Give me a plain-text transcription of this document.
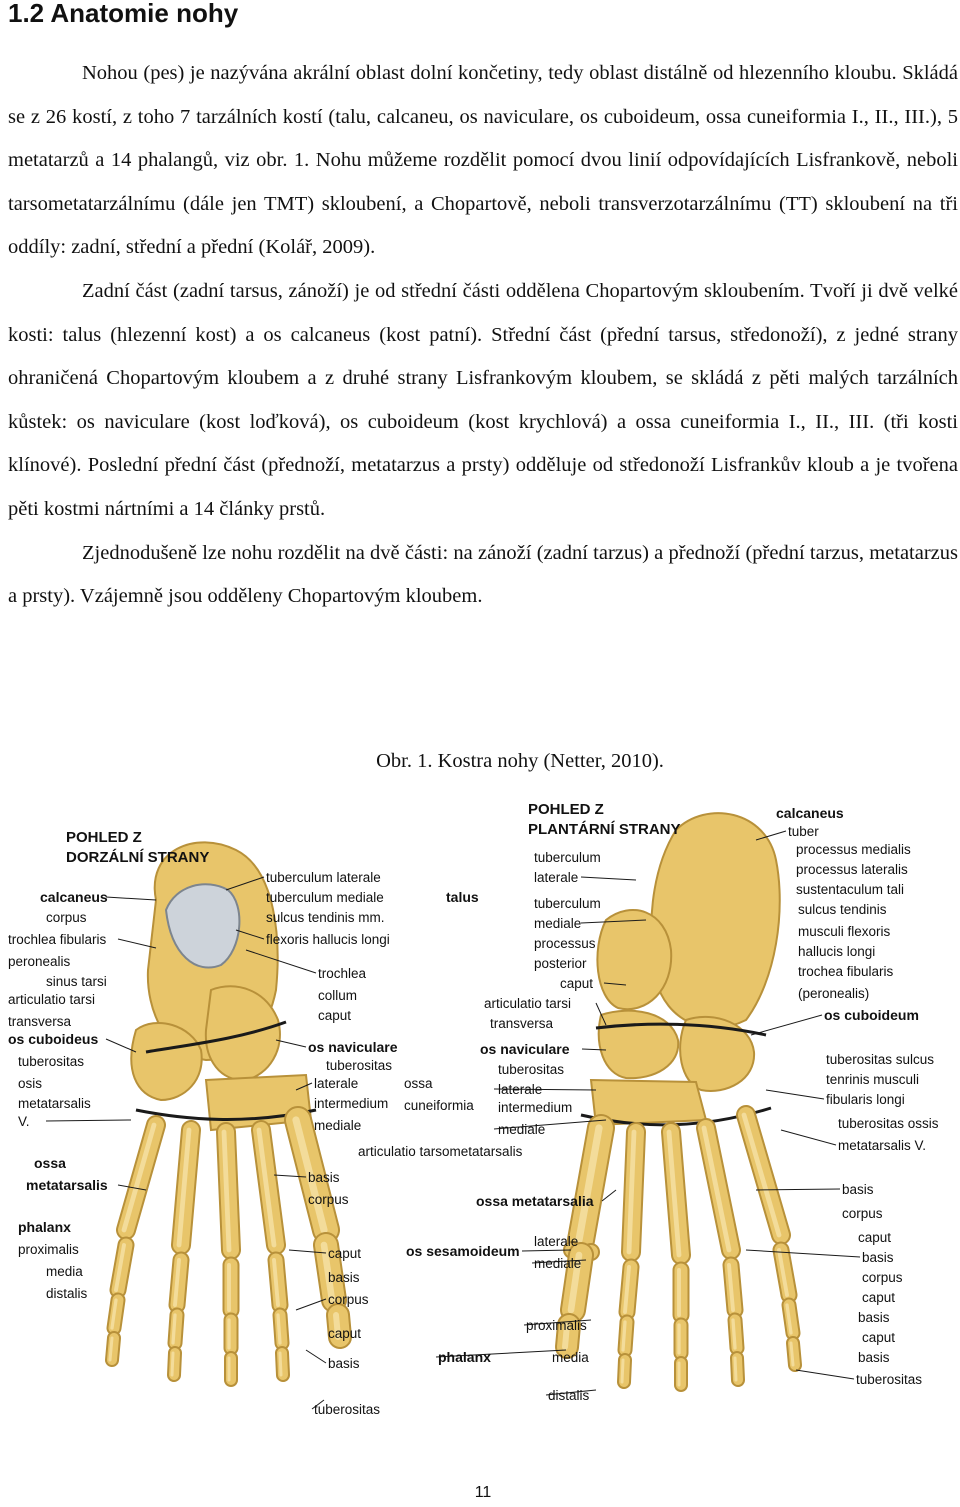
1.2 Anatomie nohy

Nohou (pes) je nazývána akrální oblast dolní končetiny, tedy oblast distálně od hlezenního kloubu. Skládá se z 26 kostí, z toho 7 tarzálních kostí (talu, calcaneu, os naviculare, os cuboideum, ossa cuneiformia I., II., III.), 5 metatarzů a 14 phalangů, viz obr. 1. Nohu můžeme rozdělit pomocí dvou linií odpovídajících Lisfrankově, neboli tarsometatarzálnímu (dále jen TMT) skloubení, a Chopartově, neboli transverzotarzálnímu (TT) skloubení na tři oddíly: zadní, střední a přední (Kolář, 2009).

Zadní část (zadní tarsus, zánoží) je od střední části oddělena Chopartovým skloubením. Tvoří ji dvě velké kosti: talus (hlezenní kost) a os calcaneus (kost patní). Střední část (přední tarsus, středonoží), z jedné strany ohraničená Chopartovým kloubem a z druhé strany Lisfrankovým kloubem, se skládá z pěti malých tarzálních kůstek: os naviculare (kost loďková), os cuboideum (kost krychlová) a ossa cuneiformia I., II., III. (tři kosti klínové). Poslední přední část (přednoží, metatarzus a prsty) odděluje od středonoží Lisfrankův kloub a je tvořena pěti kostmi nártními a 14 články prstů.

Zjednodušeně lze nohu rozdělit na dvě části: na zánoží (zadní tarzus) a přednoží (přední tarzus, metatarzus a prsty). Vzájemně jsou odděleny Chopartovým kloubem.

Obr. 1. Kostra nohy (Netter, 2010).
POHLED Z
DORZÁLNÍ STRANY
POHLED Z
PLANTÁRNÍ STRANY
talus
ossa
cuneiformia
articulatio tarsometatarsalis
calcaneus
corpus
trochlea fibularis
peronealis
sinus tarsi
articulatio tarsi
transversa
os cuboideus
tuberositas
osis
metatarsalis
V.
ossa
metatarsalis
phalanx
proximalis
media
distalis
tuberculum laterale
tuberculum mediale
sulcus tendinis mm.
flexoris hallucis longi
trochlea
collum
caput
os naviculare
tuberositas
laterale
intermedium
mediale
basis
corpus
caput
basis
corpus
caput
basis
tuberositas
tuberculum
laterale
tuberculum
mediale
processus
posterior
caput
articulatio tarsi
transversa
os naviculare
tuberositas
laterale
intermedium
mediale
ossa metatarsalia
os sesamoideum
lateralе
mediale
proximalis
phalanx	media
distalis
calcaneus
tuber
processus medialis
processus lateralis
sustentaculum tali
sulcus tendinis
musculi flexoris
hallucis longi
trochea fibularis
(peronealis)
os cuboideum
tuberositas sulcus
tenrinis musculi
fibularis longi
tuberositas ossis
metatarsalis V.
basis
corpus
caput
basis
corpus
caput
basis
caput
basis
tuberositas
11
